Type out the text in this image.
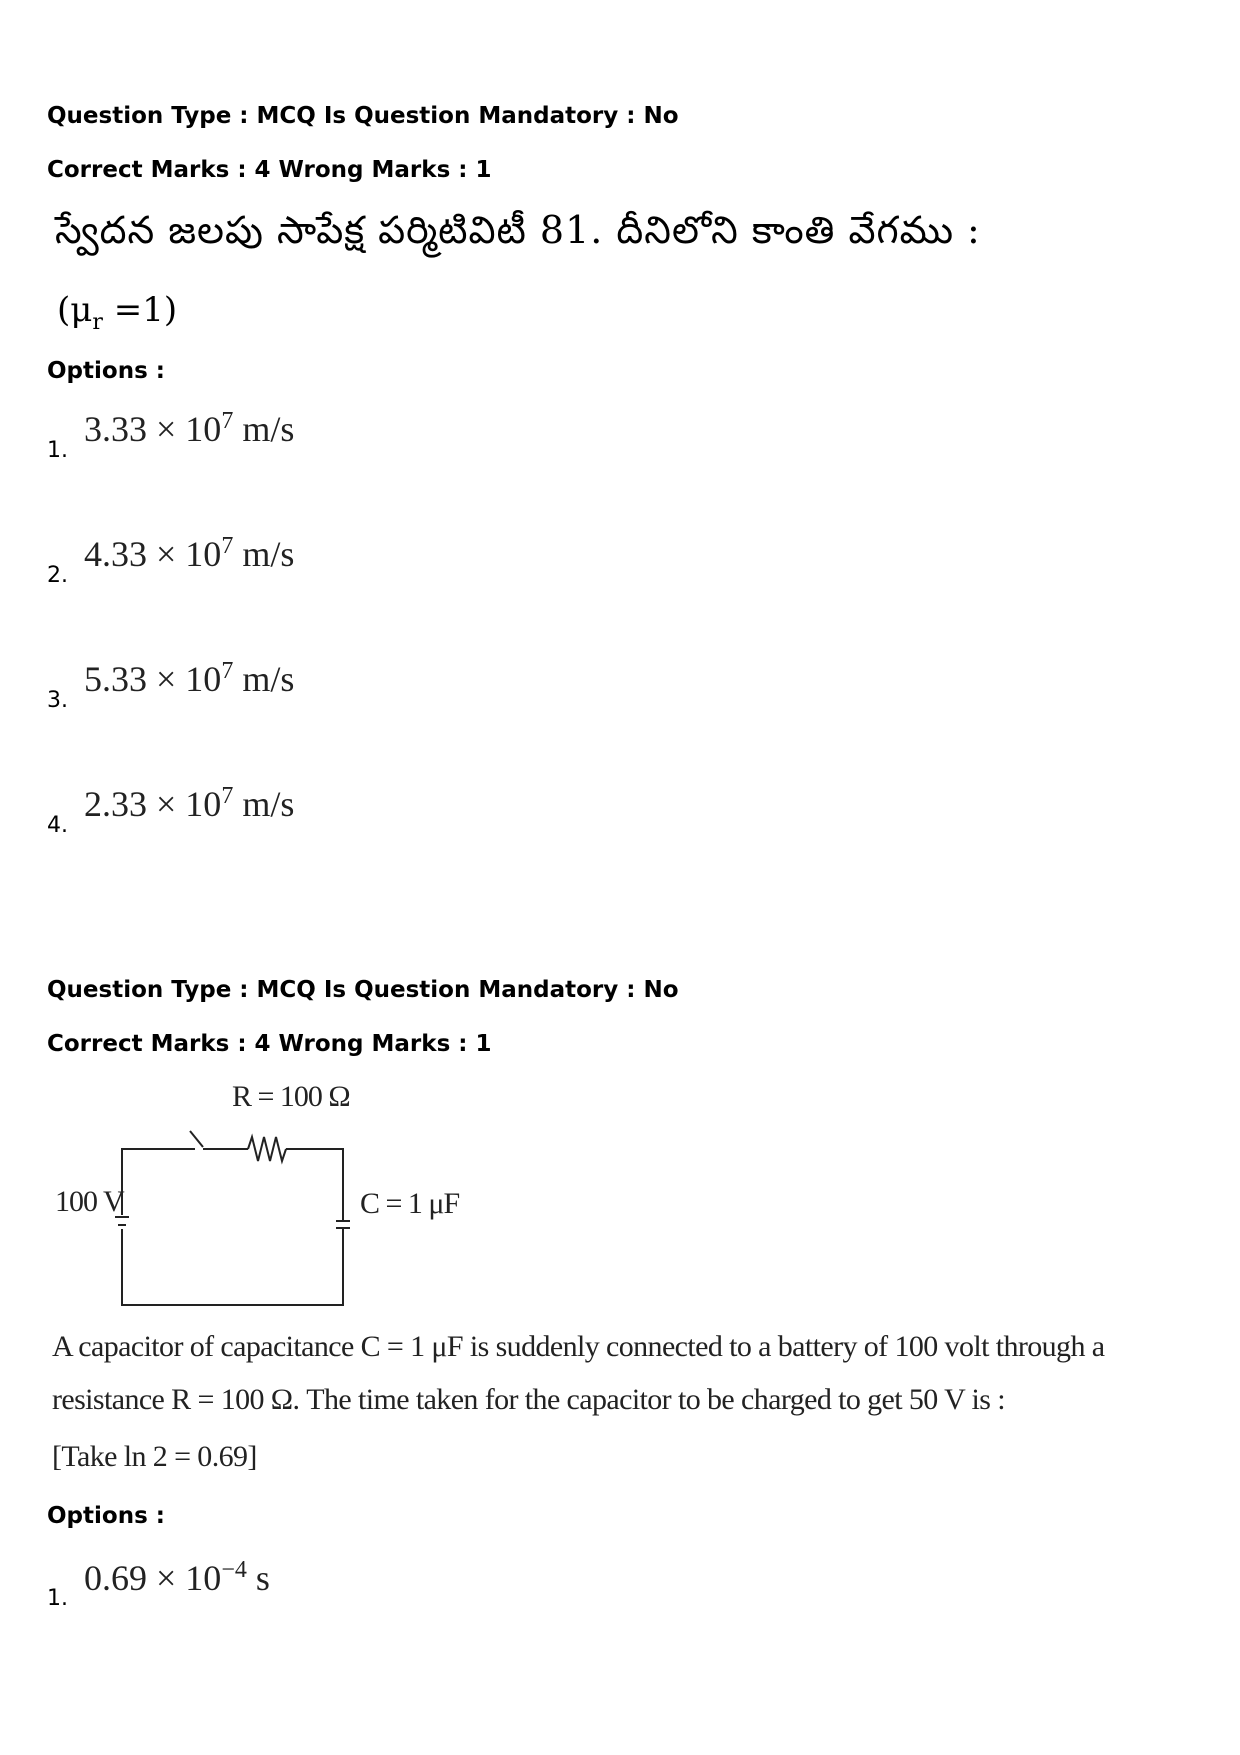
Question Type : MCQ Is Question Mandatory : No
Correct Marks : 4 Wrong Marks : 1
స్వేదన జలపు సాపేక్ష పర్మిటివిటీ 81. దీనిలోని కాంతి వేగము :
$(\mu_r =1)$
Options :
1.
$3.33 \times 10^7$ m/s
2.
$4.33 \times 10^7$ m/s
3.
$5.33 \times 10^7$ m/s
4.
$2.33 \times 10^7$ m/s
Question Type : MCQ Is Question Mandatory : No
Correct Marks : 4 Wrong Marks : 1
R = 100 Ω
100 V	C = 1 μF
A capacitor of capacitance C = 1 μF is suddenly connected to a battery of 100 volt through a
resistance R = 100 Ω. The time taken for the capacitor to be charged to get 50 V is :
[Take ln 2 = 0.69]
Options :
1.
$0.69 \times 10^{-4}$ s
